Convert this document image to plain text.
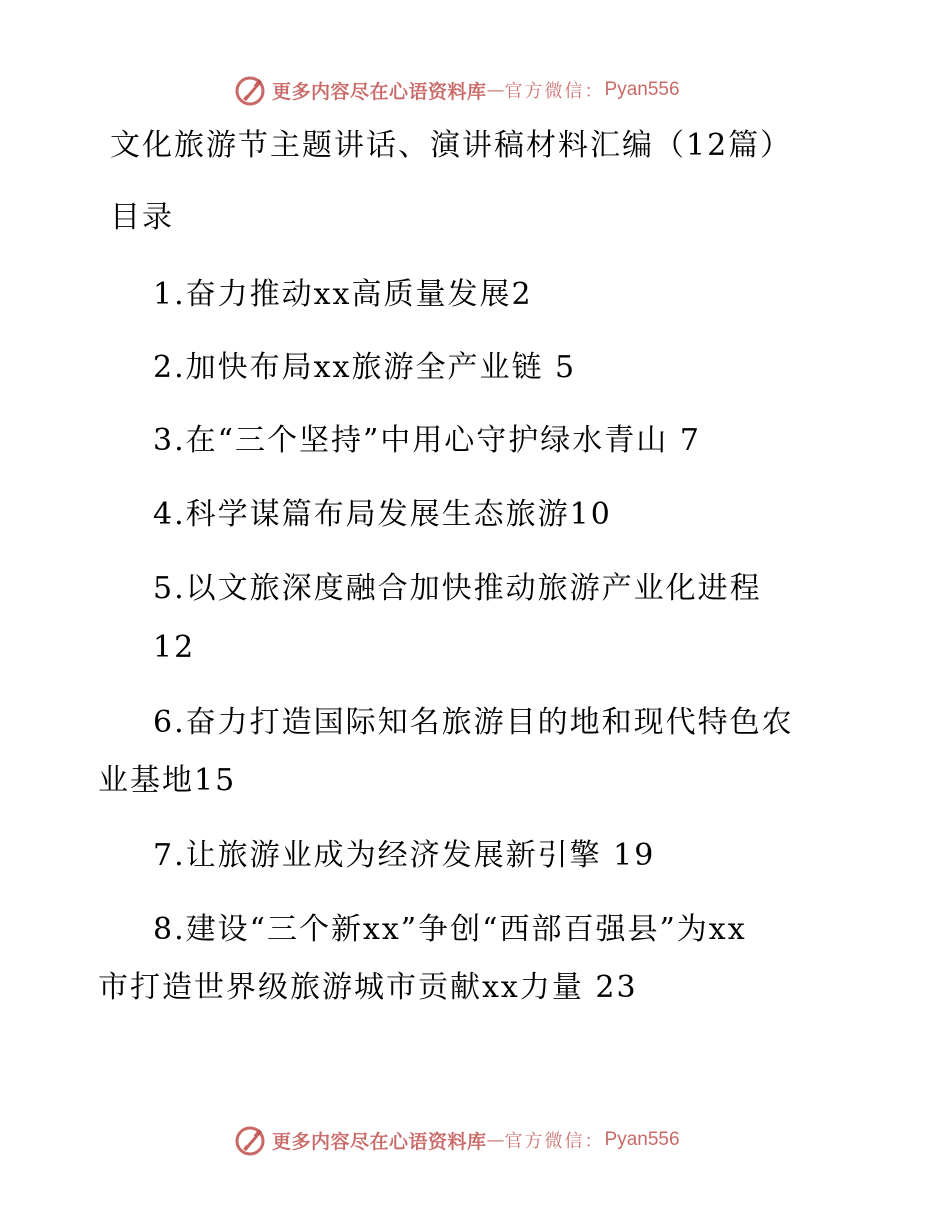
更多内容尽在心语资料库 — 官方微信： Pyan556
文化旅游节主题讲话、演讲稿材料汇编（12篇）
目录
1.奋力推动xx高质量发展2
2.加快布局xx旅游全产业链 5
3.在“三个坚持”中用心守护绿水青山 7
4.科学谋篇布局发展生态旅游10
5.以文旅深度融合加快推动旅游产业化进程
12
6.奋力打造国际知名旅游目的地和现代特色农
业基地15
7.让旅游业成为经济发展新引擎 19
8.建设“三个新xx”争创“西部百强县”为xx
市打造世界级旅游城市贡献xx力量 23
更多内容尽在心语资料库 — 官方微信： Pyan556
